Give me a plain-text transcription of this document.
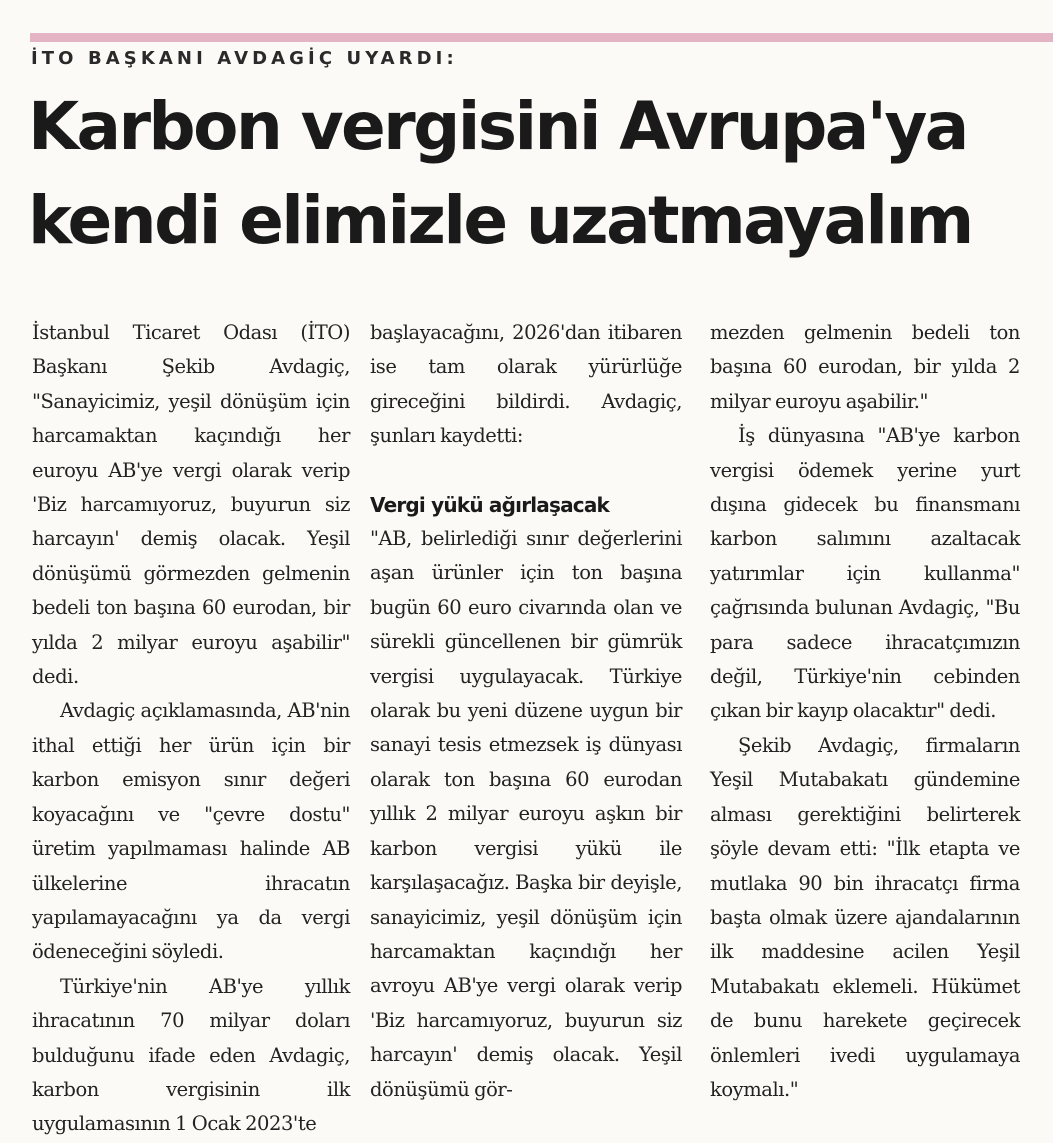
İTO BAŞKANI AVDAGİÇ UYARDI:
Karbon vergisini Avrupa'ya
kendi elimizle uzatmayalım

İstanbul Ticaret Odası (İTO) Başkanı Şekib Avdagiç, "Sanayicimiz, yeşil dönüşüm için harcamaktan kaçındığı her euroyu AB'ye vergi olarak verip 'Biz harcamıyoruz, buyurun siz harcayın' demiş olacak. Yeşil dönüşümü görmezden gelmenin bedeli ton başına 60 eurodan, bir yılda 2 milyar euroyu aşabilir" dedi.

Avdagiç açıklamasında, AB'nin ithal ettiği her ürün için bir karbon emisyon sınır değeri koyacağını ve "çevre dostu" üretim yapılmaması halinde AB ülkelerine ihracatın yapılamayacağını ya da vergi ödeneceğini söyledi.

Türkiye'nin AB'ye yıllık ihracatının 70 milyar doları bulduğunu ifade eden Avdagiç, karbon vergisinin ilk uygulamasının 1 Ocak 2023'te

başlayacağını, 2026'dan itibaren ise tam olarak yürürlüğe gireceğini bildirdi. Avdagiç, şunları kaydetti:

Vergi yükü ağırlaşacak

"AB, belirlediği sınır değerlerini aşan ürünler için ton başına bugün 60 euro civarında olan ve sürekli güncellenen bir gümrük vergisi uygulayacak. Türkiye olarak bu yeni düzene uygun bir sanayi tesis etmezsek iş dünyası olarak ton başına 60 eurodan yıllık 2 milyar euroyu aşkın bir karbon vergisi yükü ile karşılaşacağız. Başka bir deyişle, sanayicimiz, yeşil dönüşüm için harcamaktan kaçındığı her avroyu AB'ye vergi olarak verip 'Biz harcamıyoruz, buyurun siz harcayın' demiş olacak. Yeşil dönüşümü gör-

mezden gelmenin bedeli ton başına 60 eurodan, bir yılda 2 milyar euroyu aşabilir."

İş dünyasına "AB'ye karbon vergisi ödemek yerine yurt dışına gidecek bu finansmanı karbon salımını azaltacak yatırımlar için kullanma" çağrısında bulunan Avdagiç, "Bu para sadece ihracatçımızın değil, Türkiye'nin cebinden çıkan bir kayıp olacaktır" dedi.

Şekib Avdagiç, firmaların Yeşil Mutabakatı gündemine alması gerektiğini belirterek şöyle devam etti: "İlk etapta ve mutlaka 90 bin ihracatçı firma başta olmak üzere ajandalarının ilk maddesine acilen Yeşil Mutabakatı eklemeli. Hükümet de bunu harekete geçirecek önlemleri ivedi uygulamaya koymalı."
